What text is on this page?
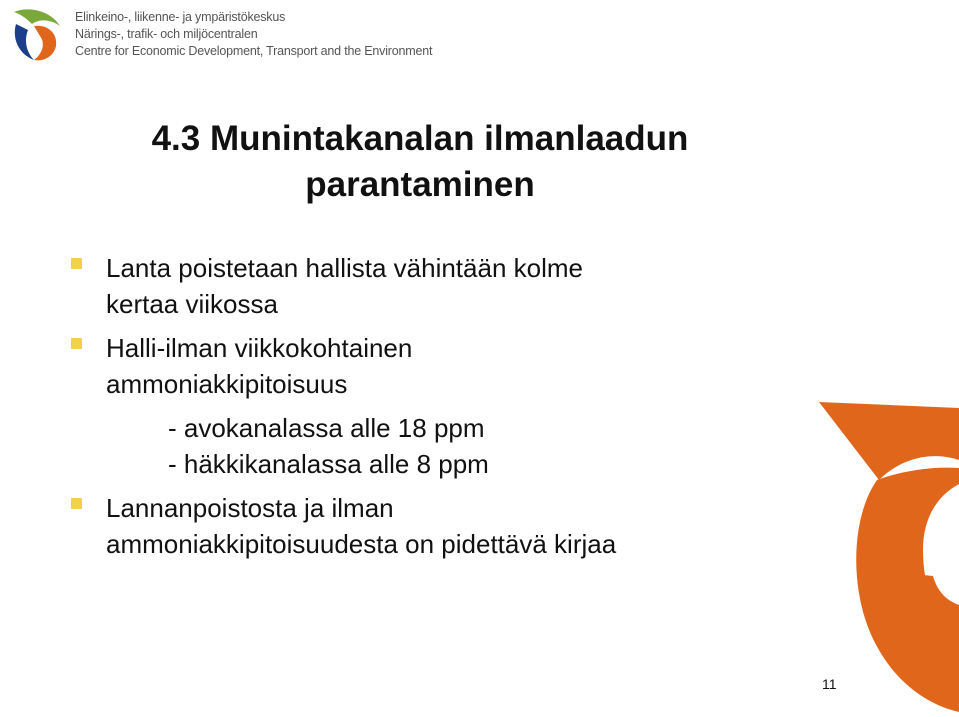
Elinkeino-, liikenne- ja ympäristökeskus
Närings-, trafik- och miljöcentralen
Centre for Economic Development, Transport and the Environment
4.3 Munintakanalan ilmanlaadun
parantaminen
Lanta poistetaan hallista vähintään kolme
kertaa viikossa
Halli-ilman viikkokohtainen
ammoniakkipitoisuus
- avokanalassa alle 18 ppm
- häkkikanalassa alle 8 ppm
Lannanpoistosta ja ilman
ammoniakkipitoisuudesta on pidettävä kirjaa
11
